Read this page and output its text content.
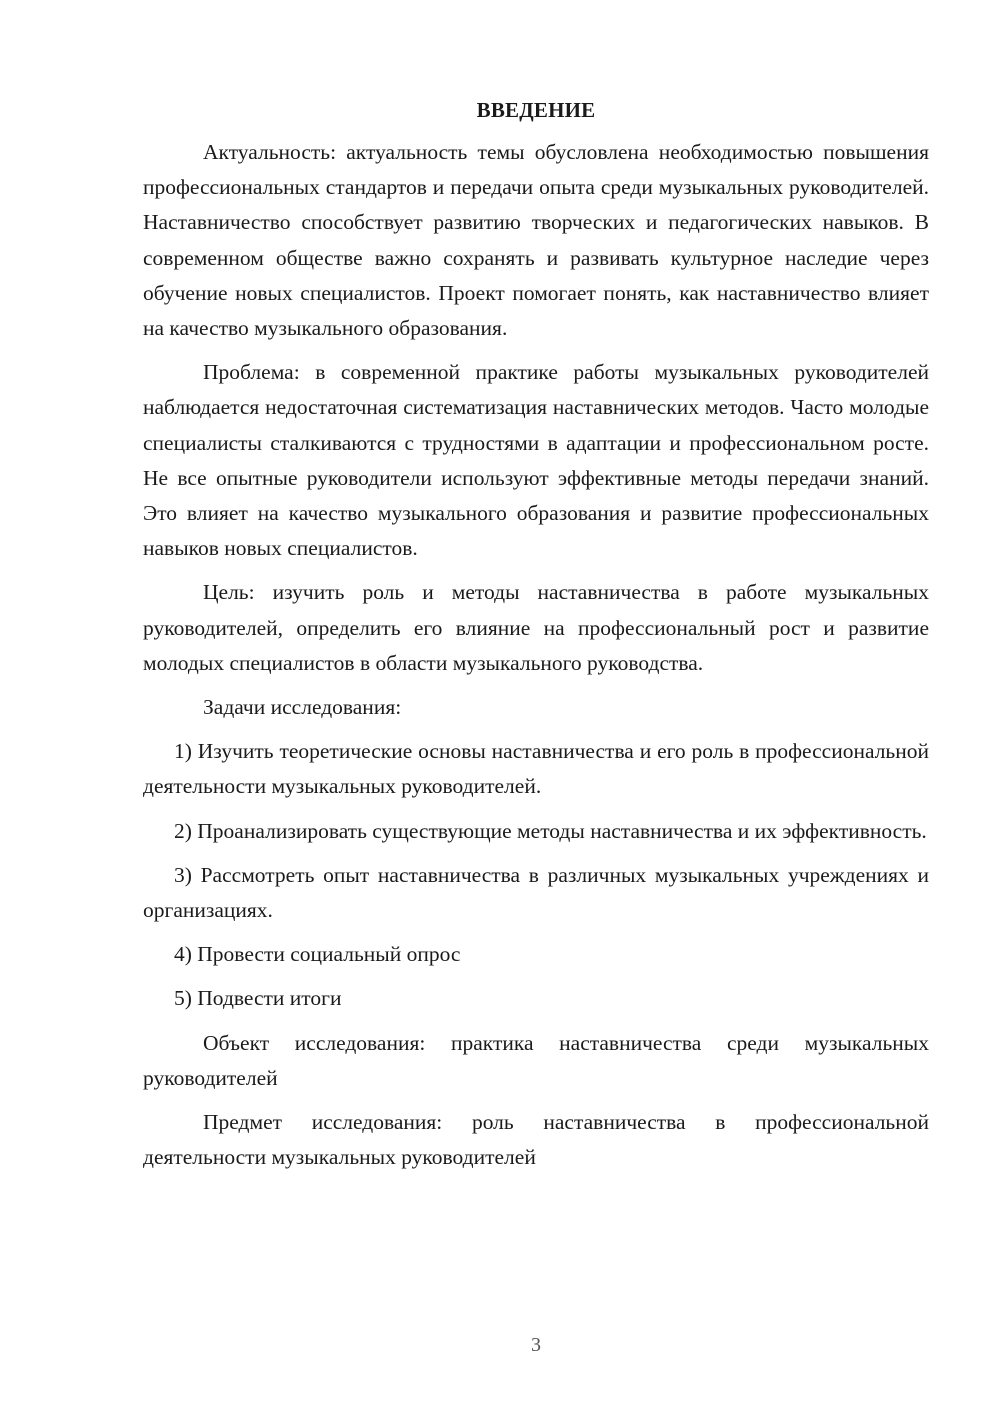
ВВЕДЕНИЕ

Актуальность: актуальность темы обусловлена необходимостью повышения профессиональных стандартов и передачи опыта среди музыкальных руководителей. Наставничество способствует развитию творческих и педагогических навыков. В современном обществе важно сохранять и развивать культурное наследие через обучение новых специалистов. Проект помогает понять, как наставничество влияет на качество музыкального образования.

Проблема: в современной практике работы музыкальных руководителей наблюдается недостаточная систематизация наставнических методов. Часто молодые специалисты сталкиваются с трудностями в адаптации и профессиональном росте. Не все опытные руководители используют эффективные методы передачи знаний. Это влияет на качество музыкального образования и развитие профессиональных навыков новых специалистов.

Цель: изучить роль и методы наставничества в работе музыкальных руководителей, определить его влияние на профессиональный рост и развитие молодых специалистов в области музыкального руководства.

Задачи исследования:

1) Изучить теоретические основы наставничества и его роль в профессиональной деятельности музыкальных руководителей.

2) Проанализировать существующие методы наставничества и их эффективность.

3) Рассмотреть опыт наставничества в различных музыкальных учреждениях и организациях.

4) Провести социальный опрос

5) Подвести итоги

Объект исследования: практика наставничества среди музыкальных руководителей

Предмет исследования: роль наставничества в профессиональной деятельности музыкальных руководителей

3
